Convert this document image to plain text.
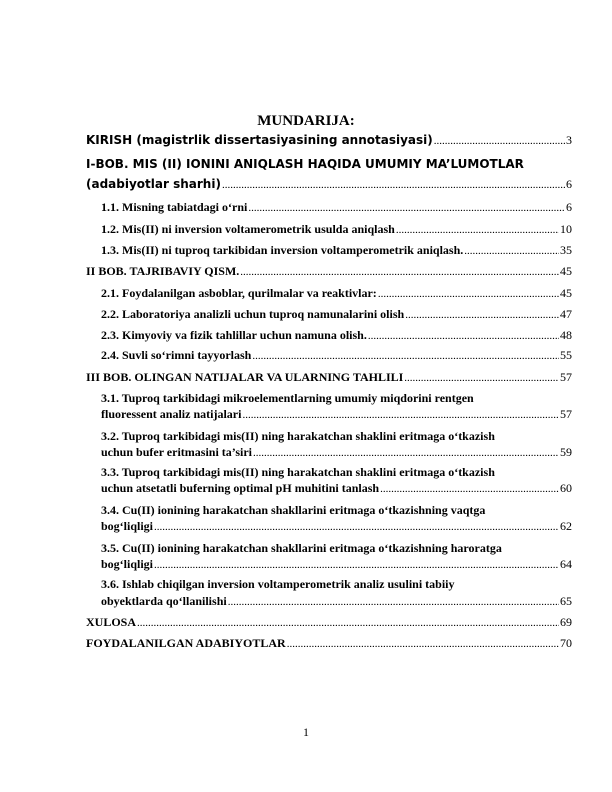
MUNDARIJA:
KIRISH (magistrlik dissertasiyasining annotasiyasi) .....	3
I-BOB. MIS (II) IONINI ANIQLASH HAQIDA UMUMIY MA’LUMOTLAR
(adabiyotlar sharhi) .....	6
1.1. Misning tabiatdagi o‘rni .....	6
1.2. Mis(II) ni inversion voltamerometrik usulda aniqlash .....	10
1.3. Mis(II) ni tuproq tarkibidan inversion voltamperometrik aniqlash. .....	35
II BOB. TAJRIBAVIY QISM. .....	45
2.1. Foydalanilgan asboblar, qurilmalar va reaktivlar: .....	45
2.2. Laboratoriya analizli uchun tuproq namunalarini olish .....	47
2.3. Kimyoviy va fizik tahlillar uchun namuna olish. .....	48
2.4. Suvli so‘rimni tayyorlash .....	55
III BOB. OLINGAN NATIJALAR VA ULARNING TAHLILI .....	57
3.1. Tuproq tarkibidagi mikroelementlarning umumiy miqdorini rentgen
fluoressent analiz natijalari .....	57
3.2. Tuproq tarkibidagi mis(II) ning harakatchan shaklini eritmaga o‘tkazish
uchun bufer eritmasini ta’siri .....	59
3.3. Tuproq tarkibidagi mis(II) ning harakatchan shaklini eritmaga o‘tkazish
uchun atsetatli buferning optimal pH muhitini tanlash .....	60
3.4. Cu(II) ionining harakatchan shakllarini eritmaga o‘tkazishning vaqtga
bog‘liqligi .....	62
3.5. Cu(II) ionining harakatchan shakllarini eritmaga o‘tkazishning haroratga
bog‘liqligi .....	64
3.6. Ishlab chiqilgan inversion voltamperometrik analiz usulini tabiiy
obyektlarda qo‘llanilishi .....	65
XULOSA .....	69
FOYDALANILGAN ADABIYOTLAR .....	70
1
